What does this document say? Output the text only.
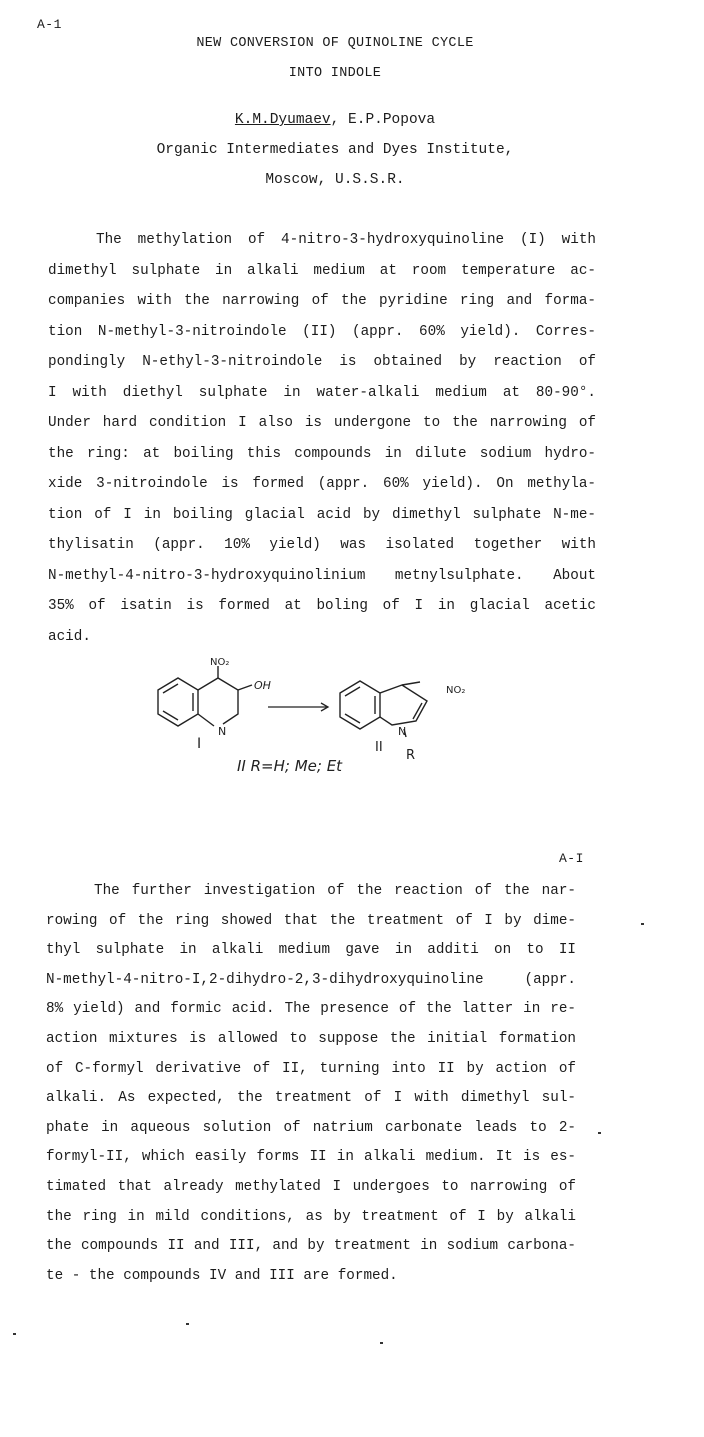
A-1
NEW CONVERSION OF QUINOLINE CYCLE
INTO INDOLE
K.M.Dyumaev, E.P.Popova
Organic Intermediates and Dyes Institute,
Moscow, U.S.S.R.
The methylation of 4-nitro-3-hydroxyquinoline (I) with
dimethyl sulphate in alkali medium at room temperature ac-
companies with the narrowing of the pyridine ring and forma-
tion N-methyl-3-nitroindole (II) (appr. 60% yield). Corres-
pondingly N-ethyl-3-nitroindole is obtained by reaction of
I with diethyl sulphate in water-alkali medium at 80-90°.
Under hard condition I also is undergone to the narrowing of
the ring: at boiling this compounds in dilute sodium hydro-
xide 3-nitroindole is formed (appr. 60% yield). On methyla-
tion of I in boiling glacial acid by dimethyl sulphate N-me-
thylisatin (appr. 10% yield) was isolated together with
N-methyl-4-nitro-3-hydroxyquinolinium metnylsulphate. About
35% of isatin is formed at boling of I in glacial acetic
acid.
NO₂
OH
N
I
NO₂
N
R
II
II R=H; Me; Et
A-I
The further investigation of the reaction of the nar-
rowing of the ring showed that the treatment of I by dime-
thyl sulphate in alkali medium gave in additi on to II
N-methyl-4-nitro-I,2-dihydro-2,3-dihydroxyquinoline (appr.
8% yield) and formic acid. The presence of the latter in re-
action mixtures is allowed to suppose the initial formation
of C-formyl derivative of II, turning into II by action of
alkali. As expected, the treatment of I with dimethyl sul-
phate in aqueous solution of natrium carbonate leads to 2-
formyl-II, which easily forms II in alkali medium. It is es-
timated that already methylated I undergoes to narrowing of
the ring in mild conditions, as by treatment of I by alkali
the compounds II and III, and by treatment in sodium carbona-
te - the compounds IV and III are formed.
